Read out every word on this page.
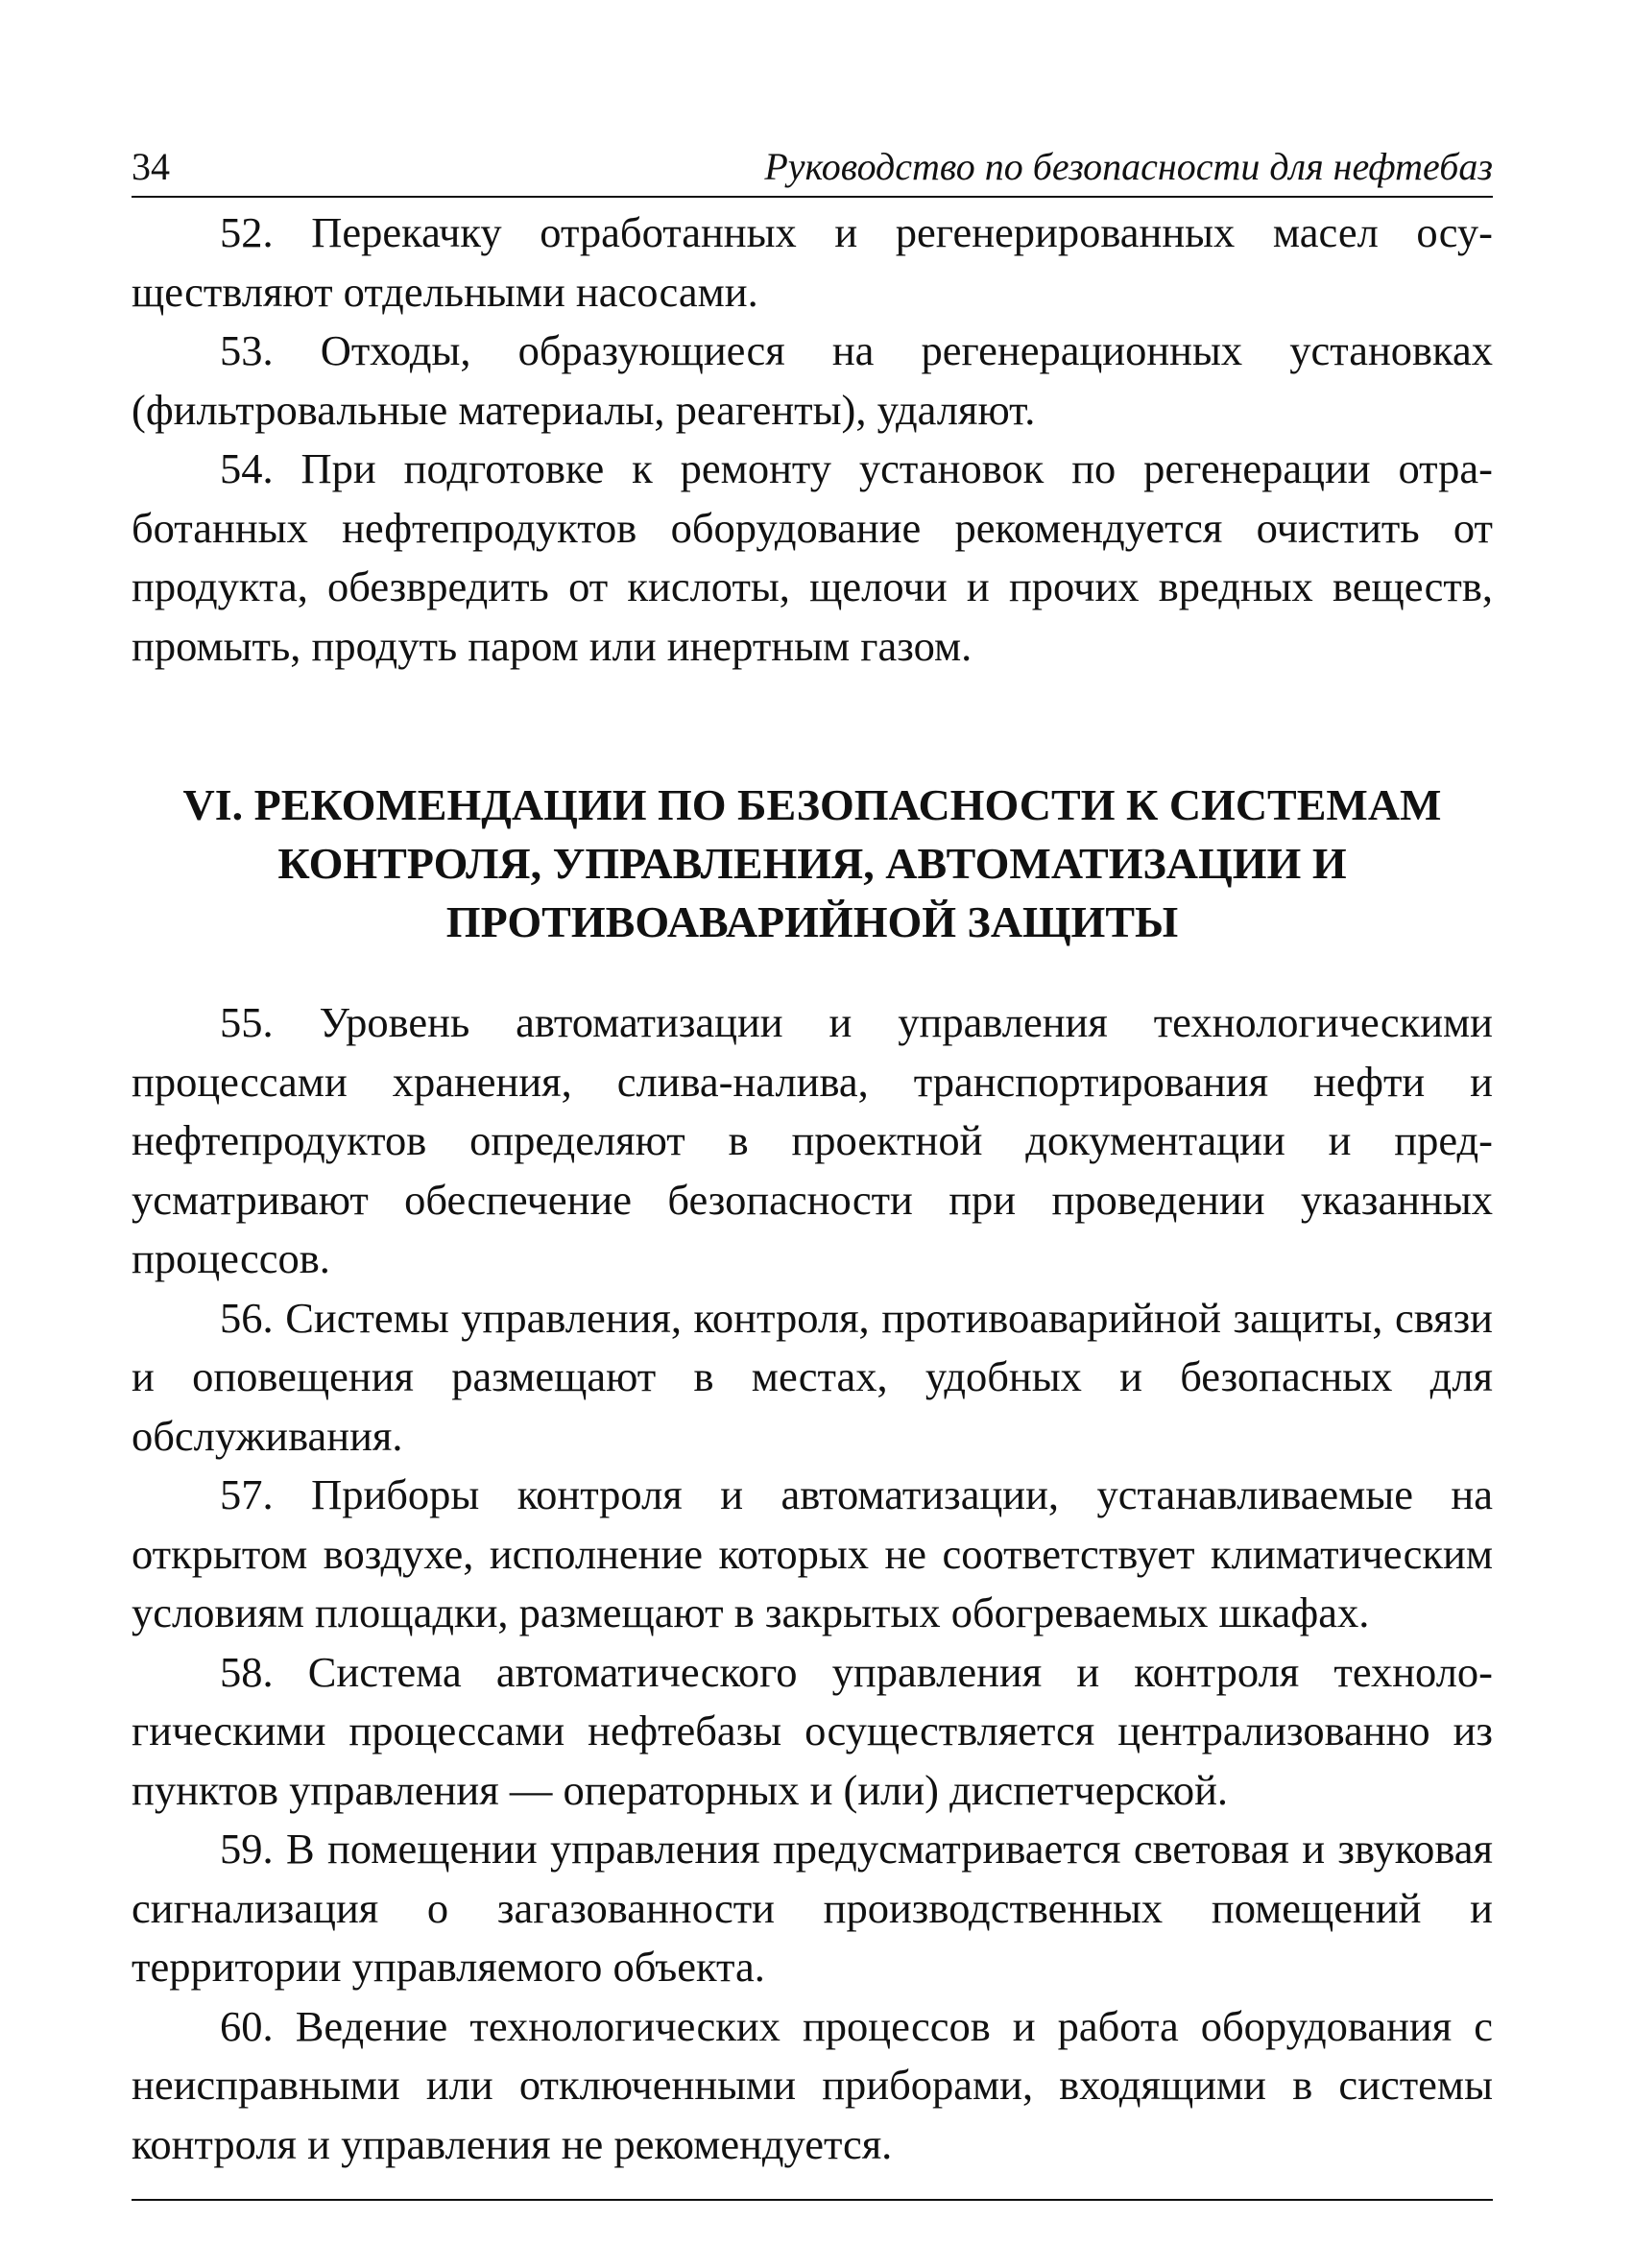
34	Руководство по безопасности для нефтебаз

52. Перекачку отработанных и регенерированных масел осуществляют отдельными насосами.

53. Отходы, образующиеся на регенерационных установках (фильтровальные материалы, реагенты), удаляют.

54. При подготовке к ремонту установок по регенерации отработанных нефтепродуктов оборудование рекомендуется очистить от продукта, обезвредить от кислоты, щелочи и прочих вредных веществ, промыть, продуть паром или инертным газом.

VI. РЕКОМЕНДАЦИИ ПО БЕЗОПАСНОСТИ К СИСТЕМАМ
КОНТРОЛЯ, УПРАВЛЕНИЯ, АВТОМАТИЗАЦИИ И
ПРОТИВОАВАРИЙНОЙ ЗАЩИТЫ

55. Уровень автоматизации и управления технологическими процессами хранения, слива-налива, транспортирования нефти и нефтепродуктов определяют в проектной документации и предусматривают обеспечение безопасности при проведении указанных процессов.

56. Системы управления, контроля, противоаварийной защиты, связи и оповещения размещают в местах, удобных и безопасных для обслуживания.

57. Приборы контроля и автоматизации, устанавливаемые на открытом воздухе, исполнение которых не соответствует климатическим условиям площадки, размещают в закрытых обогреваемых шкафах.

58. Система автоматического управления и контроля технологическими процессами нефтебазы осуществляется централизованно из пунктов управления — операторных и (или) диспетчерской.

59. В помещении управления предусматривается световая и звуковая сигнализация о загазованности производственных помещений и территории управляемого объекта.

60. Ведение технологических процессов и работа оборудования с неисправными или отключенными приборами, входящими в системы контроля и управления не рекомендуется.
